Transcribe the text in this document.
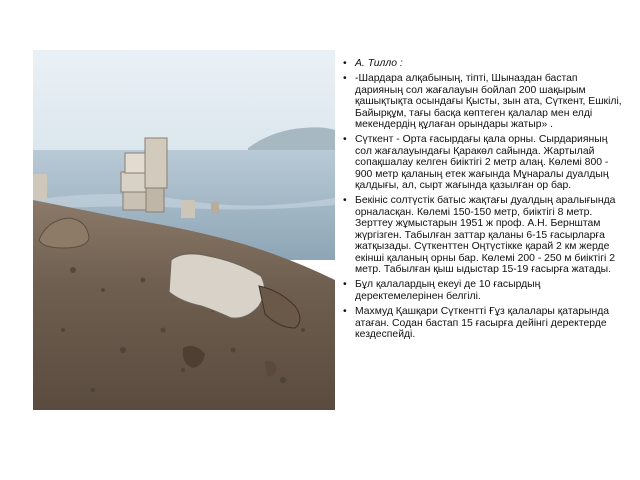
• А. Тилло :
• -Шардара алқабының, тіпті, Шыназдан бастап дарияның сол жағалауын бойлап 200 шақырым қашықтықта осындағы Қысты, зын ата, Сүткент, Ешкілі, Байырқұм, тағы басқа көптеген қалалар мен елді мекендердің құлаған орындары жатыр» .
• Сүткент - Орта ғасырдағы қала орны. Сырдарияның сол жағалауындағы Қаракөл сайында. Жартылай сопақшалау келген биіктігі 2 метр алаң. Көлемі 800 - 900 метр қаланың етек жағында Мұнаралы дуалдың қалдығы, ал, сырт жағында қазылған ор бар.
• Бекініс солтүстік батыс жақтағы дуалдың аралығында орналасқан. Көлемі 150-150 метр, биіктігі 8 метр. Зерттеу жұмыстарын 1951 ж проф. А.Н. Бернштам жүргізген. Табылған заттар қаланы 6-15 ғасырларға жатқызады. Сүткенттен Оңтүстікке қарай 2 км жерде екінші қаланың орны бар. Көлемі 200 - 250 м биіктігі 2 метр. Табылған қыш ыдыстар 15-19 ғасырға жатады.
• Бұл қалалардың екеуі де 10 ғасырдың деректемелерінен белгілі.
• Махмуд Қашқари Сүткентті Ғұз қалалары қатарында атаған. Содан бастап 15 ғасырға дейінгі деректерде кездеспейді.
